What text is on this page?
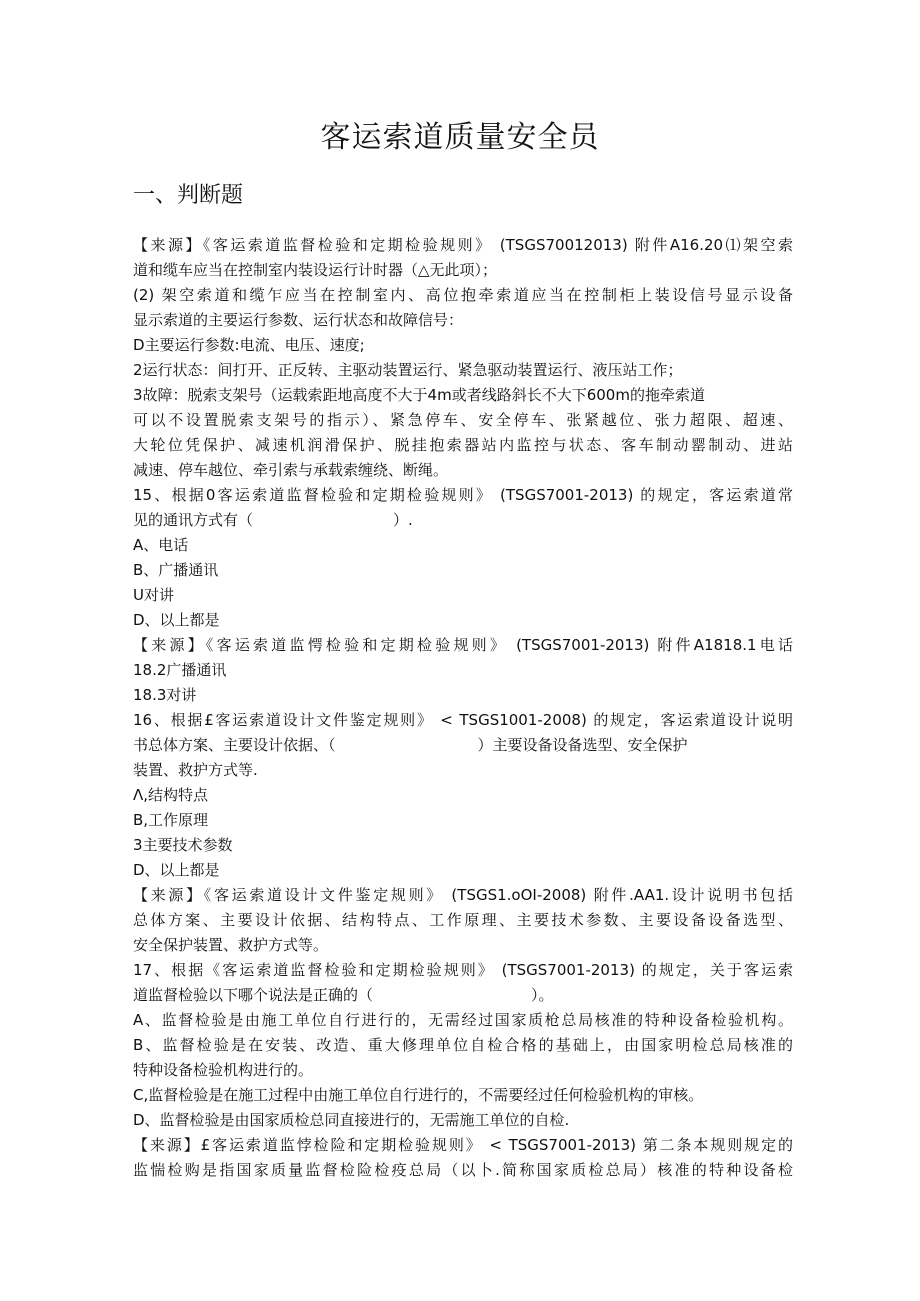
客运索道质量安全员
一、判断题
【来源】《客运索道监督检验和定期检验规则》 (TSGS70012013) 附件A16.20⑴架空索
道和缆车应当在控制室内装设运行计时器（△无此项）；
(2) 架空索道和缆乍应当在控制室内、高位抱牵索道应当在控制柜上装设信号显示设备
显示索道的主要运行参数、运行状态和故障信号：
D主要运行参数:电流、电压、速度;
2运行状态：间打开、正反转、主驱动装置运行、紧急驱动装置运行、液压站工作；
3故障：脱索支架号（运载索距地高度不大于4m或者线路斜长不大下600m的拖牵索道
可以不设置脱索支架号的指示）、紧急停车、安全停车、张紧越位、张力超限、超速、
大轮位凭保护、减速机润滑保护、脱挂抱索器站内监控与状态、客车制动罂制动、进站
减速、停车越位、牵引索与承载索缠绕、断绳。
15、根据0客运索道监督检验和定期检验规则》 (TSGS7001-2013) 的规定，客运索道常
见的通讯方式有（	）.
A、电话
B、广播通讯
U对讲
D、以上都是
【来源】《客运索道监愕检验和定期检验规则》 (TSGS7001-2013) 附件A1818.1电话
18.2广播通讯
18.3对讲
16、根据£客运索道设计文件鉴定规则》 < TSGS1001-2008) 的规定，客运索道设计说明
书总体方案、主要设计依据、（	）主要设备设备选型、安全保护
装置、救护方式等.
Λ,结构特点
B,工作原理
3主要技术参数
D、以上都是
【来源】《客运索道设计文件鉴定规则》 (TSGS1.oOI-2008) 附件.AA1.设计说明书包括
总体方案、主要设计依据、结构特点、工作原理、主要技术参数、主要设备设备选型、
安全保护装置、救护方式等。
17、根据《客运索道监督检验和定期检验规则》 (TSGS7001-2013) 的规定，关于客运索
道监督检验以下哪个说法是正确的（	）。
A、监督检验是由施工单位自行进行的，无需经过国家质枪总局核准的特种设备检验机构。
B、监督检验是在安装、改造、重大修理单位自检合格的基础上，由国家明检总局核准的
特种设备检验机构进行的。
C,监督检验是在施工过程中由施工单位自行进行的，不需要经过任何检验机构的审核。
D、监督检验是由国家质检总同直接进行的，无需施工单位的自检.
【来源】£客运索道监悖检险和定期检验规则》 < TSGS7001-2013) 第二条本规则规定的
监惴检购是指国家质量监督检险检疫总局（以卜.简称国家质检总局）核准的特种设备检
